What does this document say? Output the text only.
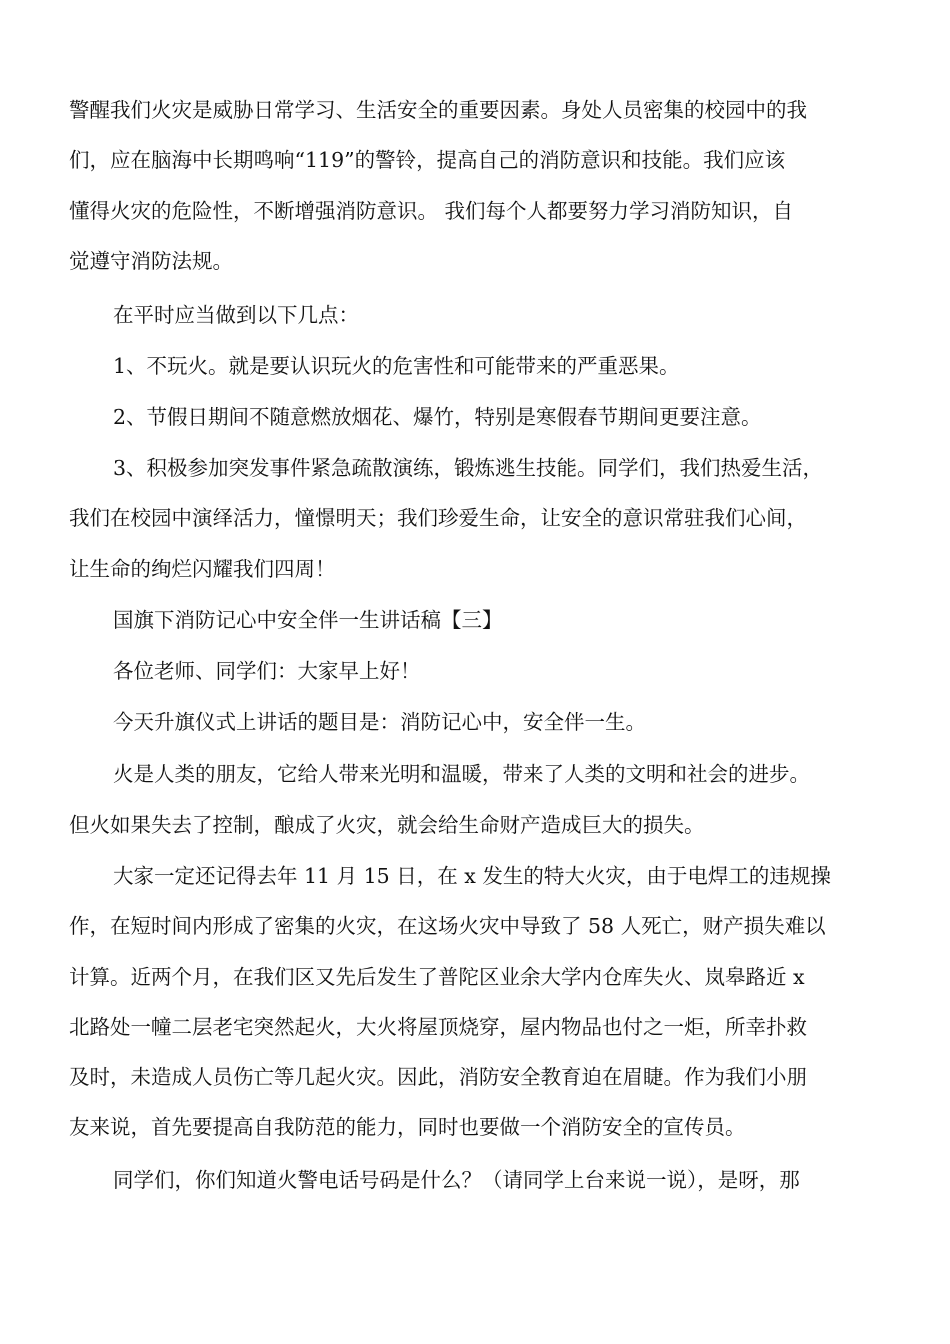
警醒我们火灾是威胁日常学习、生活安全的重要因素。身处人员密集的校园中的我
们，应在脑海中长期鸣响“119”的警铃，提高自己的消防意识和技能。我们应该
懂得火灾的危险性，不断增强消防意识。 我们每个人都要努力学习消防知识，自
觉遵守消防法规。
在平时应当做到以下几点：
1、不玩火。就是要认识玩火的危害性和可能带来的严重恶果。
2、节假日期间不随意燃放烟花、爆竹，特别是寒假春节期间更要注意。
3、积极参加突发事件紧急疏散演练，锻炼逃生技能。同学们，我们热爱生活，
我们在校园中演绎活力，憧憬明天；我们珍爱生命，让安全的意识常驻我们心间，
让生命的绚烂闪耀我们四周！
国旗下消防记心中安全伴一生讲话稿【三】
各位老师、同学们：大家早上好！
今天升旗仪式上讲话的题目是：消防记心中，安全伴一生。
火是人类的朋友，它给人带来光明和温暖，带来了人类的文明和社会的进步。
但火如果失去了控制，酿成了火灾，就会给生命财产造成巨大的损失。
大家一定还记得去年 11 月 15 日，在 x 发生的特大火灾，由于电焊工的违规操
作，在短时间内形成了密集的火灾，在这场火灾中导致了 58 人死亡，财产损失难以
计算。近两个月，在我们区又先后发生了普陀区业余大学内仓库失火、岚皋路近 x
北路处一幢二层老宅突然起火，大火将屋顶烧穿，屋内物品也付之一炬，所幸扑救
及时，未造成人员伤亡等几起火灾。因此，消防安全教育迫在眉睫。作为我们小朋
友来说，首先要提高自我防范的能力，同时也要做一个消防安全的宣传员。
同学们，你们知道火警电话号码是什么？（请同学上台来说一说），是呀，那
